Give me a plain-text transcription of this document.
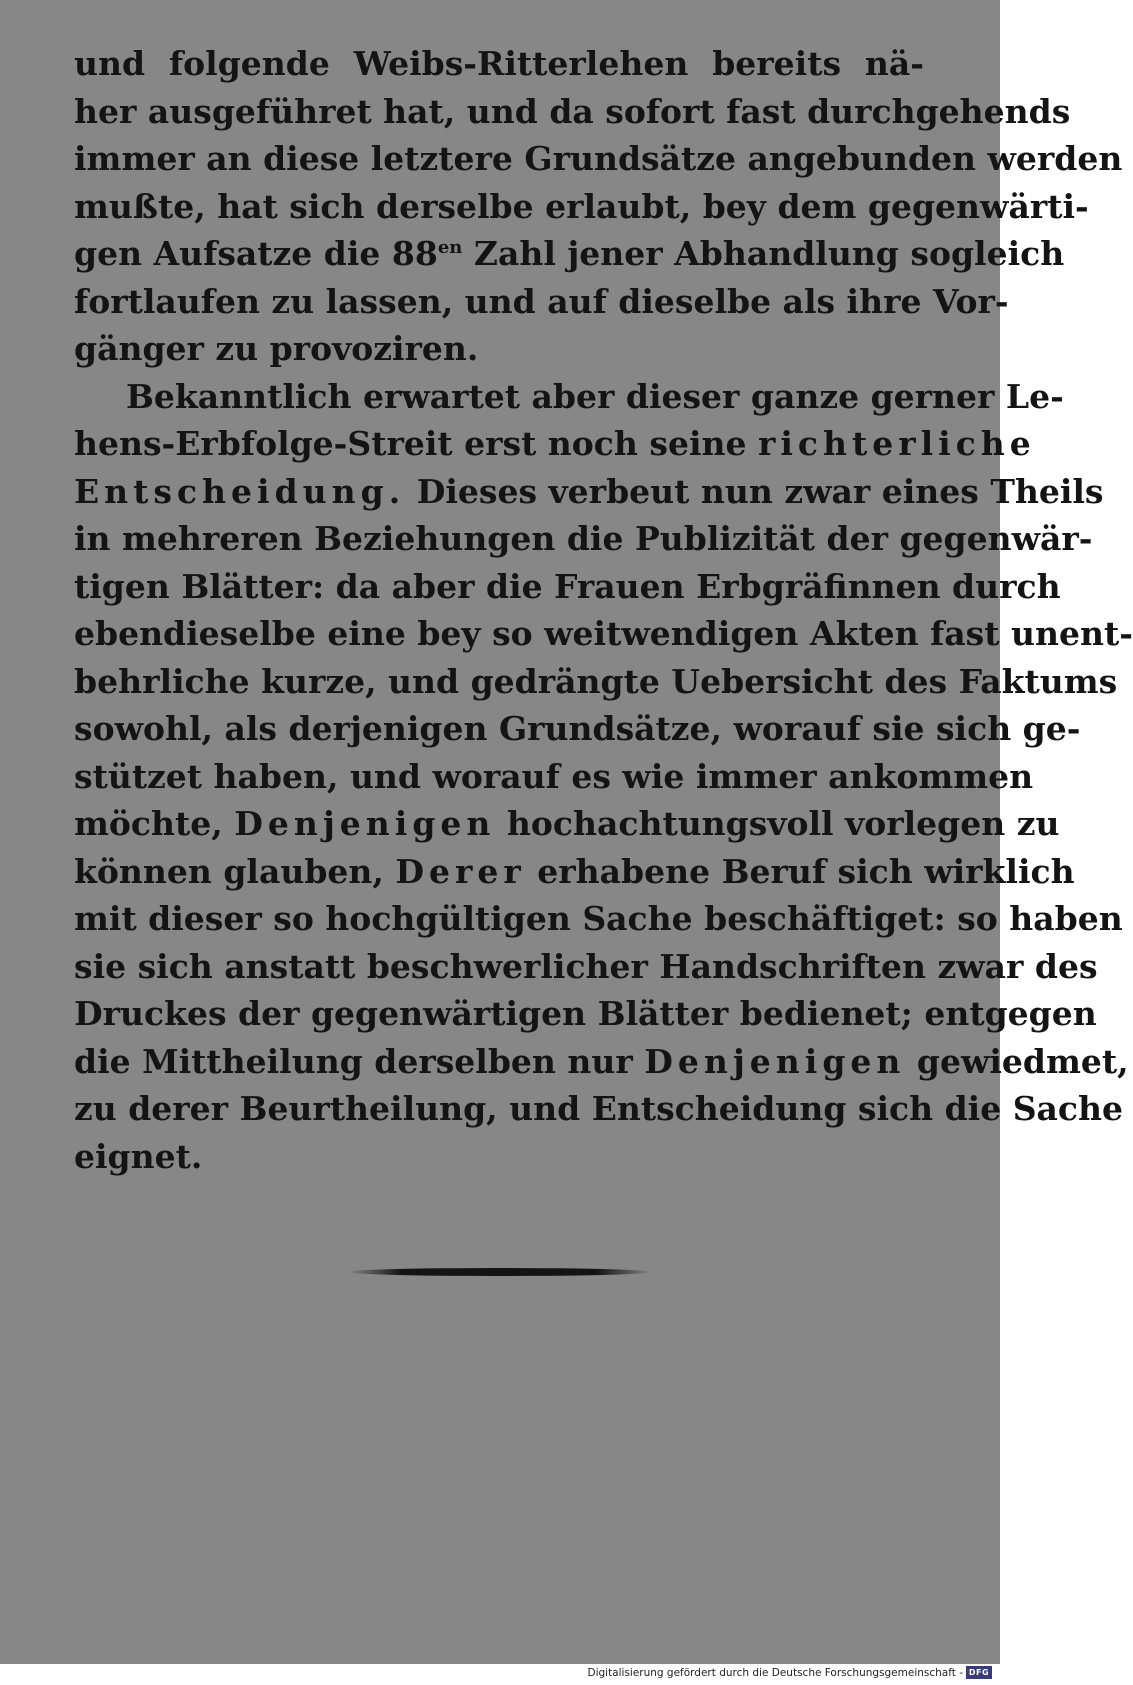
und folgende Weibs-Ritterlehen bereits nä-
her ausgeführet hat, und da sofort fast durchgehends
immer an diese letztere Grundsätze angebunden werden
mußte, hat sich derselbe erlaubt, bey dem gegenwärti-
gen Aufsatze die $88^{en}$ Zahl jener Abhandlung sogleich
fortlaufen zu lassen, und auf dieselbe als ihre Vor-
gänger zu provoziren.
Bekanntlich erwartet aber dieser ganze gerner Le-
hens-Erbfolge-Streit erst noch seine richterliche
Entscheidung. Dieses verbeut nun zwar eines Theils
in mehreren Beziehungen die Publizität der gegenwär-
tigen Blätter: da aber die Frauen Erbgräfinnen durch
ebendieselbe eine bey so weitwendigen Akten fast unent-
behrliche kurze, und gedrängte Uebersicht des Faktums
sowohl, als derjenigen Grundsätze, worauf sie sich ge-
stützet haben, und worauf es wie immer ankommen
möchte, Denjenigen hochachtungsvoll vorlegen zu
können glauben, Derer erhabene Beruf sich wirklich
mit dieser so hochgültigen Sache beschäftiget: so haben
sie sich anstatt beschwerlicher Handschriften zwar des
Druckes der gegenwärtigen Blätter bedienet; entgegen
die Mittheilung derselben nur Denjenigen gewiedmet,
zu derer Beurtheilung, und Entscheidung sich die Sache
eignet.
Digitalisierung gefördert durch die Deutsche Forschungsgemeinschaft - DFG
